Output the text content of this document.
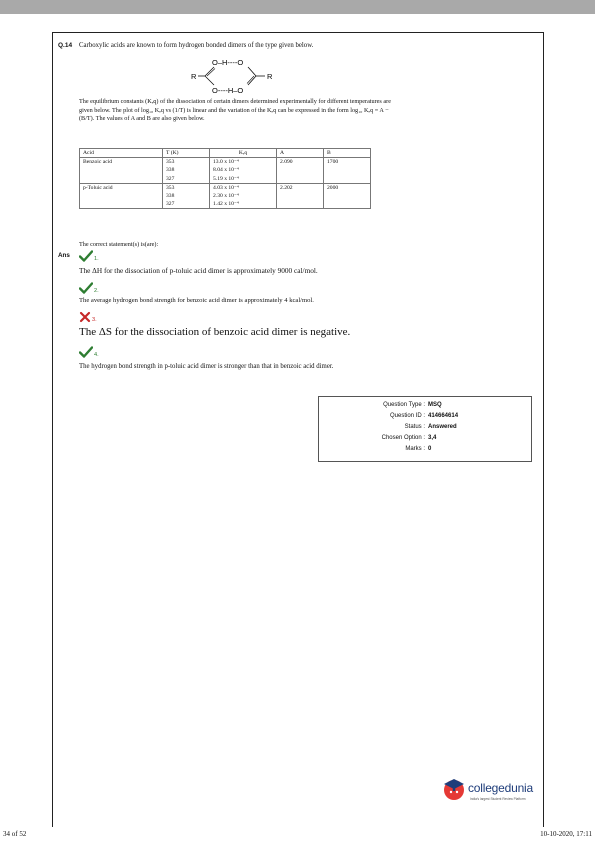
Q.14 Carboxylic acids are known to form hydrogen bonded dimers of the type given below.
O–H----O
O----H–O
R	R
The equilibrium constants (Kₑq) of the dissociation of certain dimers determined experimentally for different temperatures are given below. The plot of log₁₀ Kₑq vs (1/T) is linear and the variation of the Kₑq can be expressed in the form log₁₀ Kₑq = A − (B/T). The values of A and B are also given below.
Acid	T (K)	Kₑq	A	B
Benzoic acid	353	13.0 x 10⁻⁴	2.090	1700
	338	8.04 x 10⁻⁴		
	327	5.19 x 10⁻⁴		
p-Toluic acid	353	4.03 x 10⁻⁴	2.202	2000
	338	2.30 x 10⁻⁴		
	327	1.42 x 10⁻⁴		
The correct statement(s) is(are):
Ans	1.
The ΔH for the dissociation of p-toluic acid dimer is approximately 9000 cal/mol.
2.
The average hydrogen bond strength for benzoic acid dimer is approximately 4 kcal/mol.
3.
The ΔS for the dissociation of benzoic acid dimer is negative.
4.
The hydrogen bond strength in p-toluic acid dimer is stronger than that in benzoic acid dimer.
Question Type : MSQ
Question ID : 414664614
Status : Answered
Chosen Option : 3,4
Marks : 0
collegedunia
India's largest Student Review Platform
34 of 52	10-10-2020, 17:11
